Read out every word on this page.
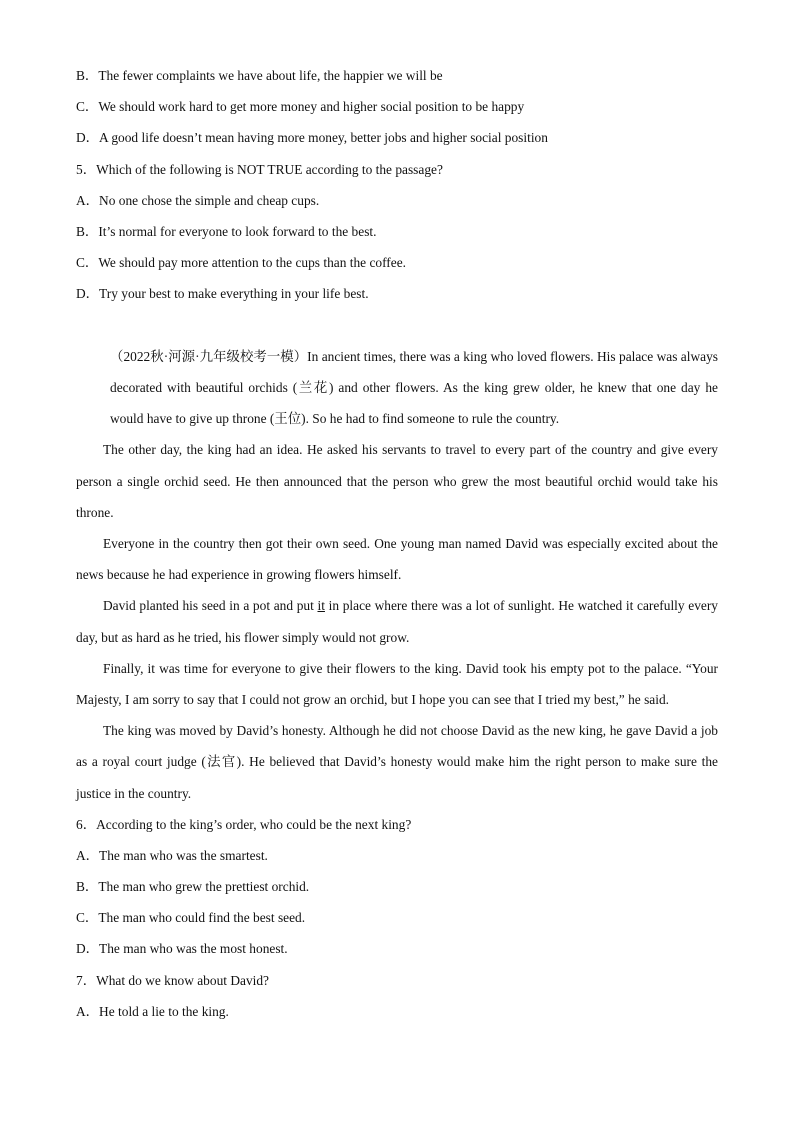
B．The fewer complaints we have about life, the happier we will be
C．We should work hard to get more money and higher social position to be happy
D．A good life doesn’t mean having more money, better jobs and higher social position
5．Which of the following is NOT TRUE according to the passage?
A．No one chose the simple and cheap cups.
B．It’s normal for everyone to look forward to the best.
C．We should pay more attention to the cups than the coffee.
D．Try your best to make everything in your life best.

（2022秋·河源·九年级校考一模）In ancient times, there was a king who loved flowers. His palace was always decorated with beautiful orchids (兰花) and other flowers. As the king grew older, he knew that one day he would have to give up throne (王位). So he had to find someone to rule the country.

The other day, the king had an idea. He asked his servants to travel to every part of the country and give every person a single orchid seed. He then announced that the person who grew the most beautiful orchid would take his throne.

Everyone in the country then got their own seed. One young man named David was especially excited about the news because he had experience in growing flowers himself.

David planted his seed in a pot and put it in place where there was a lot of sunlight. He watched it carefully every day, but as hard as he tried, his flower simply would not grow.

Finally, it was time for everyone to give their flowers to the king. David took his empty pot to the palace. “Your Majesty, I am sorry to say that I could not grow an orchid, but I hope you can see that I tried my best,” he said.

The king was moved by David’s honesty. Although he did not choose David as the new king, he gave David a job as a royal court judge (法官). He believed that David’s honesty would make him the right person to make sure the justice in the country.

6．According to the king’s order, who could be the next king?
A．The man who was the smartest.
B．The man who grew the prettiest orchid.
C．The man who could find the best seed.
D．The man who was the most honest.
7．What do we know about David?
A．He told a lie to the king.
